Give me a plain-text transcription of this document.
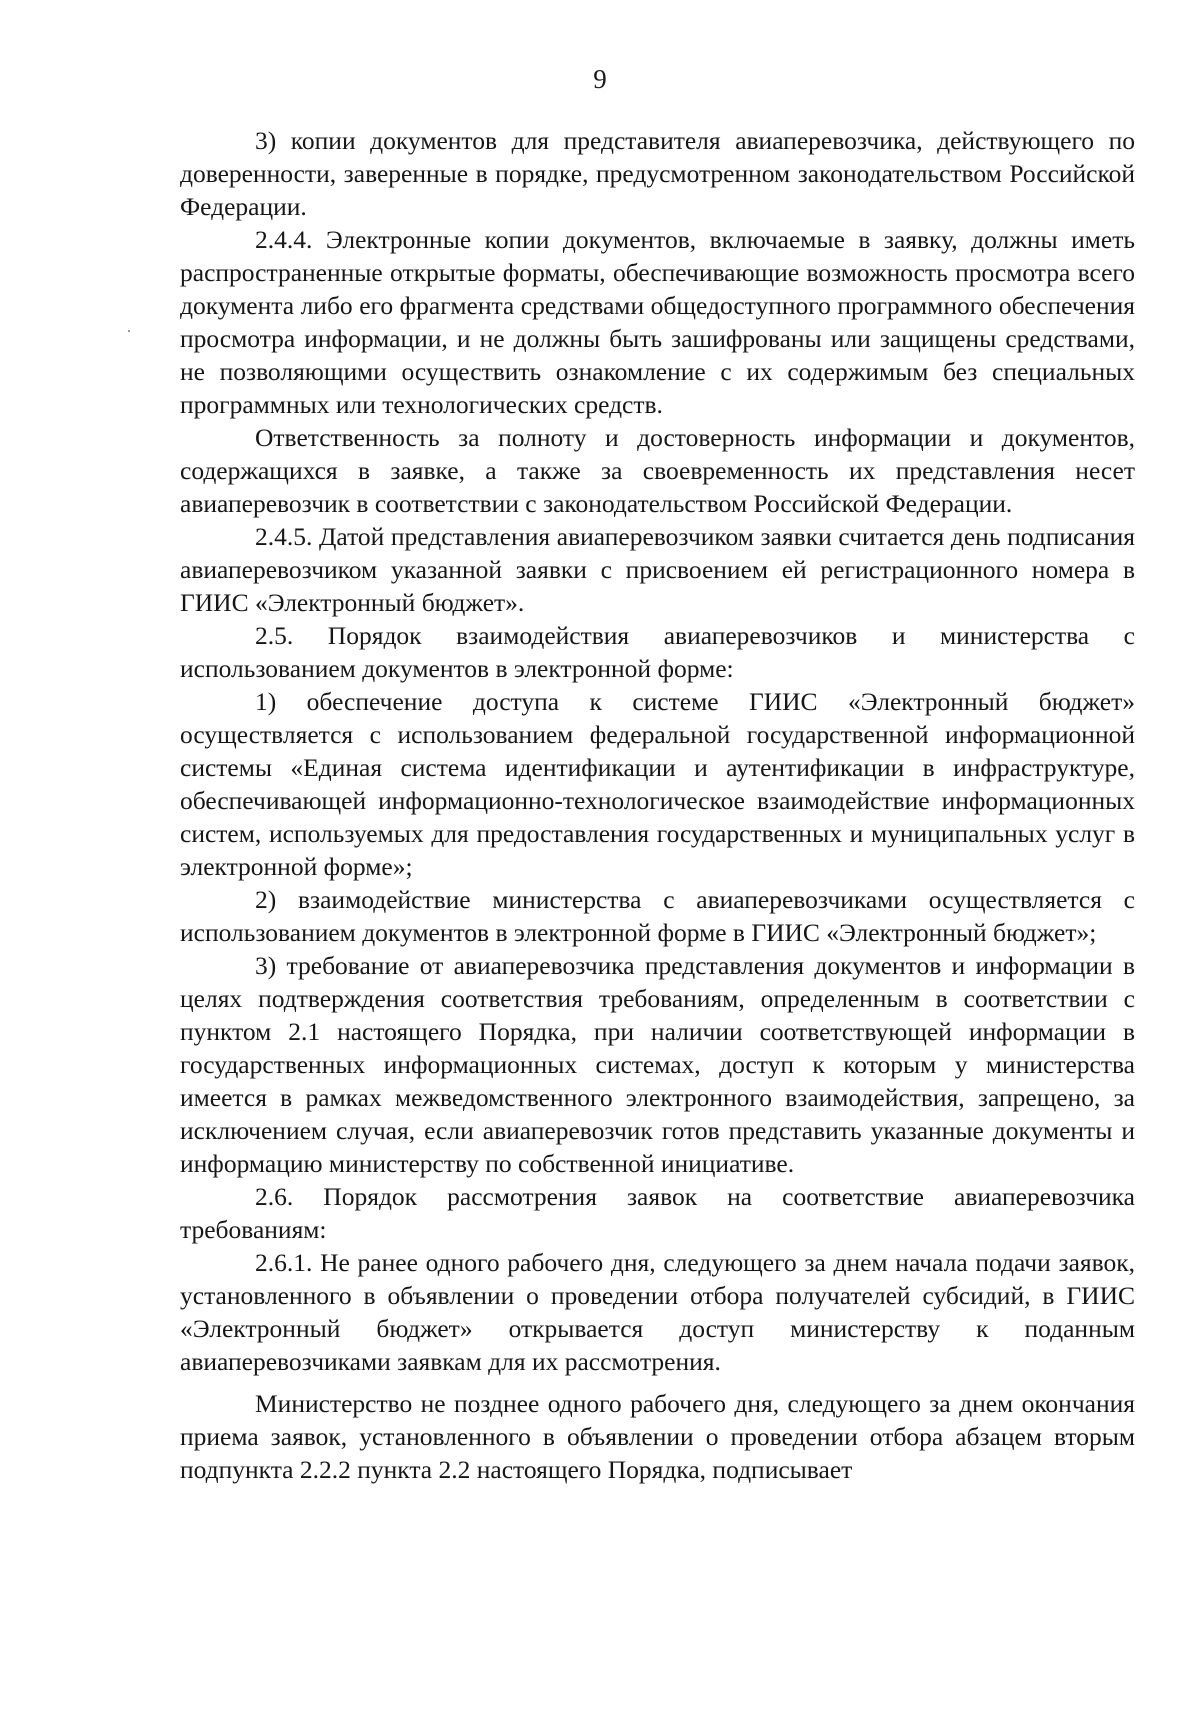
9

3) копии документов для представителя авиаперевозчика, действующего по доверенности, заверенные в порядке, предусмотренном законодательством Российской Федерации.

2.4.4. Электронные копии документов, включаемые в заявку, должны иметь распространенные открытые форматы, обеспечивающие возможность просмотра всего документа либо его фрагмента средствами общедоступного программного обеспечения просмотра информации, и не должны быть зашифрованы или защищены средствами, не позволяющими осуществить ознакомление с их содержимым без специальных программных или технологических средств.

Ответственность за полноту и достоверность информации и документов, содержащихся в заявке, а также за своевременность их представления несет авиаперевозчик в соответствии с законодательством Российской Федерации.

2.4.5. Датой представления авиаперевозчиком заявки считается день подписания авиаперевозчиком указанной заявки с присвоением ей регистрационного номера в ГИИС «Электронный бюджет».

2.5. Порядок взаимодействия авиаперевозчиков и министерства с использованием документов в электронной форме:

1) обеспечение доступа к системе ГИИС «Электронный бюджет» осуществляется с использованием федеральной государственной информационной системы «Единая система идентификации и аутентификации в инфраструктуре, обеспечивающей информационно-технологическое взаимодействие информационных систем, используемых для предоставления государственных и муниципальных услуг в электронной форме»;

2) взаимодействие министерства с авиаперевозчиками осуществляется с использованием документов в электронной форме в ГИИС «Электронный бюджет»;

3) требование от авиаперевозчика представления документов и информации в целях подтверждения соответствия требованиям, определенным в соответствии с пунктом 2.1 настоящего Порядка, при наличии соответствующей информации в государственных информационных системах, доступ к которым у министерства имеется в рамках межведомственного электронного взаимодействия, запрещено, за исключением случая, если авиаперевозчик готов представить указанные документы и информацию министерству по собственной инициативе.

2.6. Порядок рассмотрения заявок на соответствие авиаперевозчика требованиям:

2.6.1. Не ранее одного рабочего дня, следующего за днем начала подачи заявок, установленного в объявлении о проведении отбора получателей субсидий, в ГИИС «Электронный бюджет» открывается доступ министерству к поданным авиаперевозчиками заявкам для их рассмотрения.

Министерство не позднее одного рабочего дня, следующего за днем окончания приема заявок, установленного в объявлении о проведении отбора абзацем вторым подпункта 2.2.2 пункта 2.2 настоящего Порядка, подписывает
